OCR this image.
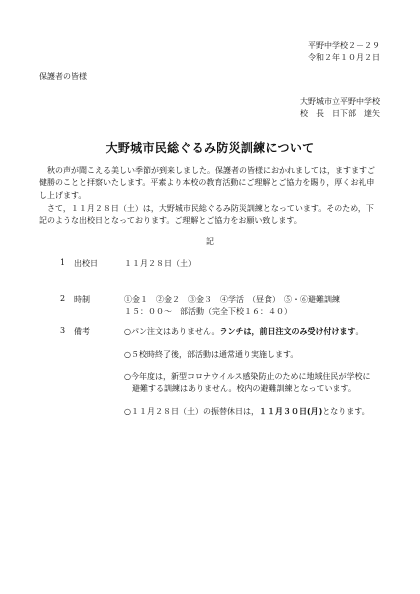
平野中学校２－２９
令和２年１０月２日
保護者の皆様
大野城市立平野中学校
校　長　日下部　達矢
大野城市民総ぐるみ防災訓練について
秋の声が聞こえる美しい季節が到来しました。保護者の皆様におかれましては，ますますご健勝のことと拝察いたします。平素より本校の教育活動にご理解とご協力を賜り，厚くお礼申し上げます。
さて，１１月２８日（土）は，大野城市民総ぐるみ防災訓練となっています。そのため，下記のような出校日となっております。ご理解とご協力をお願い致します。
記
1 出校日	１１月２８日（土）
2 時制	①金１　②金２　③金３　④学活　（昼食）　⑤・⑥避難訓練
１５：００～　部活動（完全下校１６：４０）
3 備考	○パン注文はありません。ランチは，前日注文のみ受け付けます。
○５校時終了後，部活動は通常通り実施します。
○今年度は，新型コロナウイルス感染防止のために地域住民が学校に
避難する訓練はありません。校内の避難訓練となっています。
○１１月２８日（土）の振替休日は，１１月３０日(月)となります。
